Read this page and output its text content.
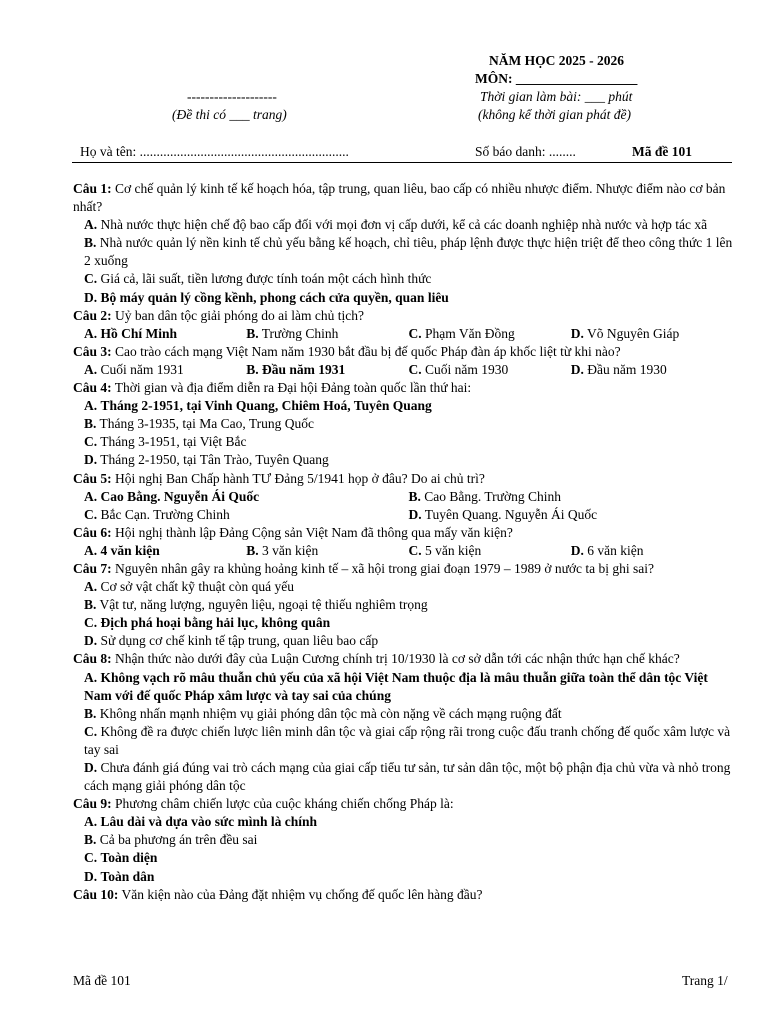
NĂM HỌC 2025 - 2026
MÔN: __________________
--------------------	Thời gian làm bài: ___ phút
(Đề thi có ___ trang)	(không kể thời gian phát đề)
Họ và tên: ..............................................................	Số báo danh: ........	Mã đề 101
Câu 1: Cơ chế quản lý kinh tế kế hoạch hóa, tập trung, quan liêu, bao cấp có nhiều nhược điểm. Nhược điểm nào cơ bản nhất?
A. Nhà nước thực hiện chế độ bao cấp đối với mọi đơn vị cấp dưới, kể cả các doanh nghiệp nhà nước và hợp tác xã
B. Nhà nước quản lý nền kinh tế chủ yếu bằng kế hoạch, chỉ tiêu, pháp lệnh được thực hiện triệt để theo công thức 1 lên 2 xuống
C. Giá cả, lãi suất, tiền lương được tính toán một cách hình thức
D. Bộ máy quản lý cồng kềnh, phong cách cửa quyền, quan liêu
Câu 2: Uỷ ban dân tộc giải phóng do ai làm chủ tịch?
A. Hồ Chí Minh	B. Trường Chinh	C. Phạm Văn Đồng	D. Võ Nguyên Giáp
Câu 3: Cao trào cách mạng Việt Nam năm 1930 bắt đầu bị đế quốc Pháp đàn áp khốc liệt từ khi nào?
A. Cuối năm 1931	B. Đầu năm 1931	C. Cuối năm 1930	D. Đầu năm 1930
Câu 4: Thời gian và địa điểm diễn ra Đại hội Đảng toàn quốc lần thứ hai:
A. Tháng 2-1951, tại Vinh Quang, Chiêm Hoá, Tuyên Quang
B. Tháng 3-1935, tại Ma Cao, Trung Quốc
C. Tháng 3-1951, tại Việt Bắc
D. Tháng 2-1950, tại Tân Trào, Tuyên Quang
Câu 5: Hội nghị Ban Chấp hành TƯ Đảng 5/1941 họp ở đâu? Do ai chủ trì?
A. Cao Bằng. Nguyễn Ái Quốc	B. Cao Bằng. Trường Chinh
C. Bắc Cạn. Trường Chinh	D. Tuyên Quang. Nguyễn Ái Quốc
Câu 6: Hội nghị thành lập Đảng Cộng sản Việt Nam đã thông qua mấy văn kiện?
A. 4 văn kiện	B. 3 văn kiện	C. 5 văn kiện	D. 6 văn kiện
Câu 7: Nguyên nhân gây ra khủng hoảng kinh tế – xã hội trong giai đoạn 1979 – 1989 ở nước ta bị ghi sai?
A. Cơ sở vật chất kỹ thuật còn quá yếu
B. Vật tư, năng lượng, nguyên liệu, ngoại tệ thiếu nghiêm trọng
C. Địch phá hoại bằng hải lục, không quân
D. Sử dụng cơ chế kinh tế tập trung, quan liêu bao cấp
Câu 8: Nhận thức nào dưới đây của Luận Cương chính trị 10/1930 là cơ sở dẫn tới các nhận thức hạn chế khác?
A. Không vạch rõ mâu thuẫn chủ yếu của xã hội Việt Nam thuộc địa là mâu thuẫn giữa toàn thể dân tộc Việt Nam với đế quốc Pháp xâm lược và tay sai của chúng
B. Không nhấn mạnh nhiệm vụ giải phóng dân tộc mà còn nặng về cách mạng ruộng đất
C. Không đề ra được chiến lược liên minh dân tộc và giai cấp rộng rãi trong cuộc đấu tranh chống đế quốc xâm lược và tay sai
D. Chưa đánh giá đúng vai trò cách mạng của giai cấp tiểu tư sản, tư sản dân tộc, một bộ phận địa chủ vừa và nhỏ trong cách mạng giải phóng dân tộc
Câu 9: Phương châm chiến lược của cuộc kháng chiến chống Pháp là:
A. Lâu dài và dựa vào sức mình là chính
B. Cả ba phương án trên đều sai
C. Toàn diện
D. Toàn dân
Câu 10: Văn kiện nào của Đảng đặt nhiệm vụ chống đế quốc lên hàng đầu?
Mã đề 101	Trang 1/
